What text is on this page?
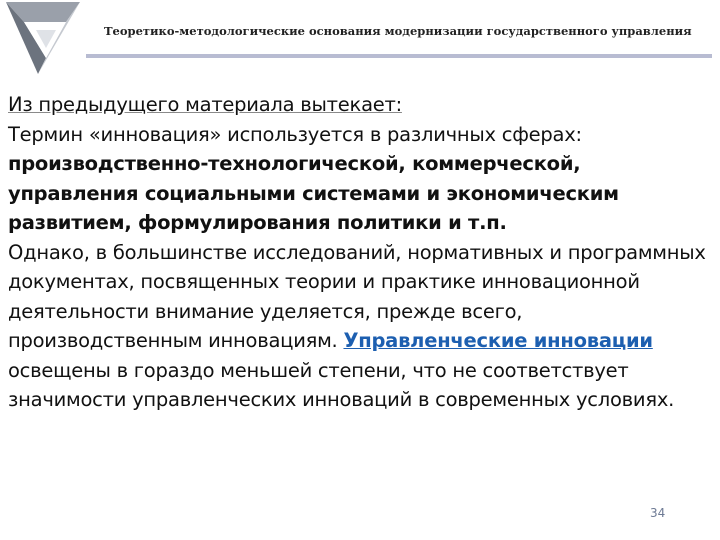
Теоретико-методологические основания модернизации государственного управления

Из предыдущего материала вытекает:

Термин «инновация» используется в различных сферах: производственно-технологической, коммерческой, управления социальными системами и экономическим развитием, формулирования политики и т.п.

Однако, в большинстве исследований, нормативных и программных документах, посвященных теории и практике инновационной деятельности внимание уделяется, прежде всего, производственным инновациям. Управленческие инновации освещены в гораздо меньшей степени, что не соответствует значимости управленческих инноваций в современных условиях.

34
